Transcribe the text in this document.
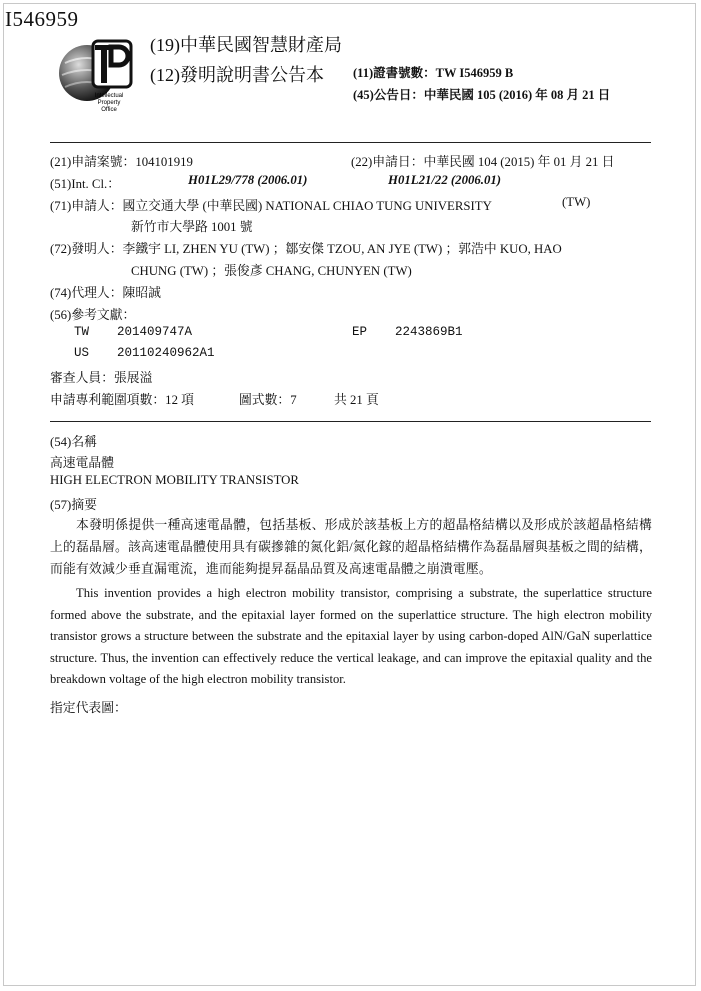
I546959
Intellectual
Property
Office
(19)中華民國智慧財產局
(12)發明說明書公告本 (11)證書號數：TW I546959 B
(45)公告日：中華民國 105 (2016) 年 08 月 21 日
(21)申請案號：104101919	(22)申請日：中華民國 104 (2015) 年 01 月 21 日
(51)Int. Cl.：	H01L29/778 (2006.01)	H01L21/22 (2006.01)
(71)申請人：國立交通大學 (中華民國) NATIONAL CHIAO TUNG UNIVERSITY	(TW)
新竹市大學路 1001 號
(72)發明人：李鐵宇 LI, ZHEN YU (TW) ；鄒安傑 TZOU, AN JYE (TW) ；郭浩中 KUO, HAO
CHUNG (TW) ；張俊彥 CHANG, CHUNYEN (TW)
(74)代理人：陳昭誠
(56)參考文獻：
TW 201409747A	EP 2243869B1
US 20110240962A1
審查人員：張展溢
申請專利範圍項數：12 項	圖式數：7	共 21 頁
(54)名稱
高速電晶體
HIGH ELECTRON MOBILITY TRANSISTOR
(57)摘要

本發明係提供一種高速電晶體，包括基板、形成於該基板上方的超晶格結構以及形成於該超晶格結構上的磊晶層。該高速電晶體使用具有碳摻雜的氮化鋁/氮化鎵的超晶格結構作為磊晶層與基板之間的結構，而能有效減少垂直漏電流，進而能夠提昇磊晶品質及高速電晶體之崩潰電壓。

This invention provides a high electron mobility transistor, comprising a substrate, the superlattice structure formed above the substrate, and the epitaxial layer formed on the superlattice structure. The high electron mobility transistor grows a structure between the substrate and the epitaxial layer by using carbon-doped AlN/GaN superlattice structure. Thus, the invention can effectively reduce the vertical leakage, and can improve the epitaxial quality and the breakdown voltage of the high electron mobility transistor.

指定代表圖：
